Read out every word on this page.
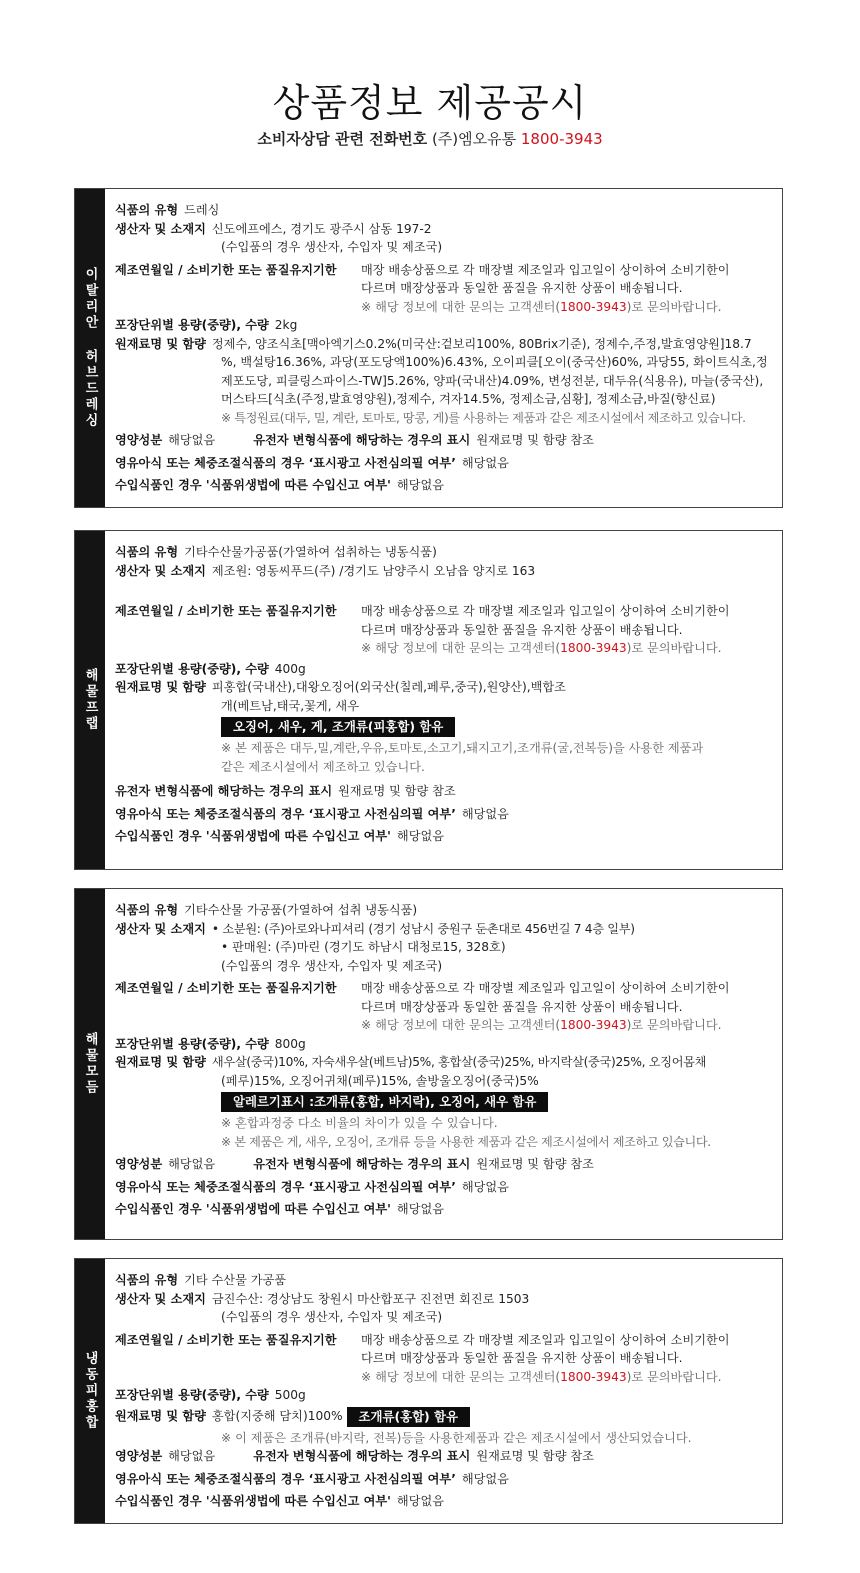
상품정보 제공공시
소비자상담 관련 전화번호 (주)엠오유통 1800-3943
이탈리안 허브드레싱
식품의 유형 드레싱
생산자 및 소재지 신도에프에스, 경기도 광주시 삼동 197-2
(수입품의 경우 생산자, 수입자 및 제조국)
제조연월일 / 소비기한 또는 품질유지기한	매장 배송상품으로 각 매장별 제조일과 입고일이 상이하여 소비기한이
다르며 매장상품과 동일한 품질을 유지한 상품이 배송됩니다.
※ 해당 정보에 대한 문의는 고객센터(1800-3943)로 문의바랍니다.
포장단위별 용량(중량), 수량 2kg
원재료명 및 함량 정제수, 양조식초[맥아엑기스0.2%(미국산:겉보리100%, 80Brix기준), 정제수,주정,발효영양원]18.7
%, 백설탕16.36%, 과당(포도당액100%)6.43%, 오이피클[오이(중국산)60%, 과당55, 화이트식초,정
제포도당, 피클링스파이스-TW]5.26%, 양파(국내산)4.09%, 변성전분, 대두유(식용유), 마늘(중국산),
머스타드[식초(주정,발효영양원),정제수, 겨자14.5%, 정제소금,심황], 정제소금,바질(향신료)
※ 특정원료(대두, 밀, 계란, 토마토, 땅콩, 게)를 사용하는 제품과 같은 제조시설에서 제조하고 있습니다.
영양성분 해당없음	유전자 변형식품에 해당하는 경우의 표시 원재료명 및 함량 참조
영유아식 또는 체중조절식품의 경우 ‘표시광고 사전심의필 여부’ 해당없음
수입식품인 경우 '식품위생법에 따른 수입신고 여부' 해당없음
해물프랩
식품의 유형 기타수산물가공품(가열하여 섭취하는 냉동식품)
생산자 및 소재지 제조원: 영동씨푸드(주) /경기도 남양주시 오남읍 양지로 163
제조연월일 / 소비기한 또는 품질유지기한	매장 배송상품으로 각 매장별 제조일과 입고일이 상이하여 소비기한이
다르며 매장상품과 동일한 품질을 유지한 상품이 배송됩니다.
※ 해당 정보에 대한 문의는 고객센터(1800-3943)로 문의바랍니다.
포장단위별 용량(중량), 수량 400g
원재료명 및 함량 피홍합(국내산),대왕오징어(외국산(칠레,페루,중국),원양산),백합조
개(베트남,태국,꽃게, 새우
오징어, 새우, 게, 조개류(피홍합) 함유
※ 본 제품은 대두,밀,계란,우유,토마토,소고기,돼지고기,조개류(굴,전복등)을 사용한 제품과
같은 제조시설에서 제조하고 있습니다.
유전자 변형식품에 해당하는 경우의 표시 원재료명 및 함량 참조
영유아식 또는 체중조절식품의 경우 ‘표시광고 사전심의필 여부’ 해당없음
수입식품인 경우 '식품위생법에 따른 수입신고 여부' 해당없음
해물모듬
식품의 유형 기타수산물 가공품(가열하여 섭취 냉동식품)
생산자 및 소재지 • 소분원: (주)아로와나피셔리 (경기 성남시 중원구 둔촌대로 456번길 7 4층 일부)
• 판매원: (주)마린 (경기도 하남시 대청로15, 328호)
(수입품의 경우 생산자, 수입자 및 제조국)
제조연월일 / 소비기한 또는 품질유지기한	매장 배송상품으로 각 매장별 제조일과 입고일이 상이하여 소비기한이
다르며 매장상품과 동일한 품질을 유지한 상품이 배송됩니다.
※ 해당 정보에 대한 문의는 고객센터(1800-3943)로 문의바랍니다.
포장단위별 용량(중량), 수량 800g
원재료명 및 함량 새우살(중국)10%, 자숙새우살(베트남)5%, 홍합살(중국)25%, 바지락살(중국)25%, 오징어몸채
(페루)15%, 오징어귀채(페루)15%, 솔방울오징어(중국)5%
알레르기표시 :조개류(홍합, 바지락), 오징어, 새우 함유
※ 혼합과정중 다소 비율의 차이가 있을 수 있습니다.
※ 본 제품은 게, 새우, 오징어, 조개류 등을 사용한 제품과 같은 제조시설에서 제조하고 있습니다.
영양성분 해당없음	유전자 변형식품에 해당하는 경우의 표시 원재료명 및 함량 참조
영유아식 또는 체중조절식품의 경우 ‘표시광고 사전심의필 여부’ 해당없음
수입식품인 경우 '식품위생법에 따른 수입신고 여부' 해당없음
냉동피홍합
식품의 유형 기타 수산물 가공품
생산자 및 소재지 금진수산: 경상남도 창원시 마산합포구 진전면 회진로 1503
(수입품의 경우 생산자, 수입자 및 제조국)
제조연월일 / 소비기한 또는 품질유지기한	매장 배송상품으로 각 매장별 제조일과 입고일이 상이하여 소비기한이
다르며 매장상품과 동일한 품질을 유지한 상품이 배송됩니다.
※ 해당 정보에 대한 문의는 고객센터(1800-3943)로 문의바랍니다.
포장단위별 용량(중량), 수량 500g
원재료명 및 함량 홍합(지중해 담치)100%	조개류(홍합) 함유
※ 이 제품은 조개류(바지락, 전복)등을 사용한제품과 같은 제조시설에서 생산되었습니다.
영양성분 해당없음	유전자 변형식품에 해당하는 경우의 표시 원재료명 및 함량 참조
영유아식 또는 체중조절식품의 경우 ‘표시광고 사전심의필 여부’ 해당없음
수입식품인 경우 '식품위생법에 따른 수입신고 여부' 해당없음
